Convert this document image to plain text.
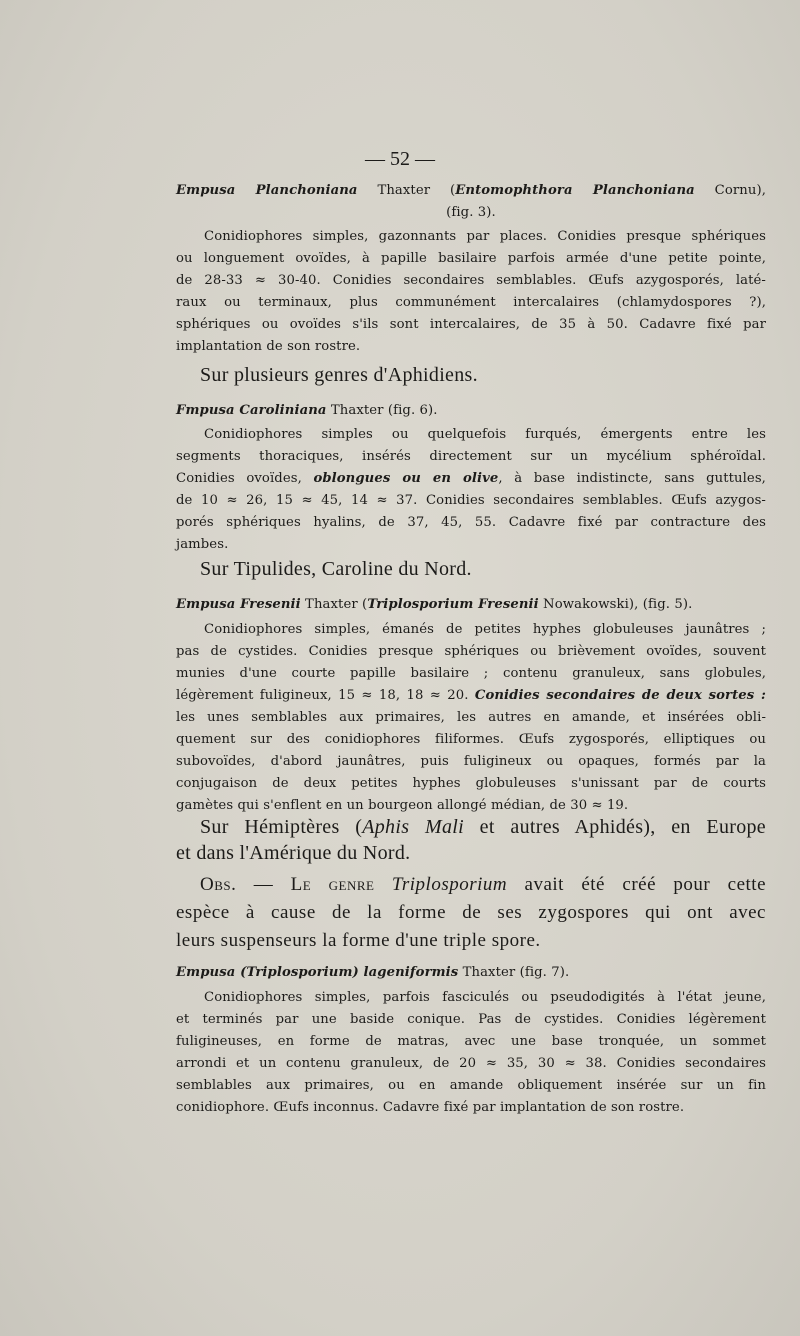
— 52 —
Empusa Planchoniana Thaxter (Entomophthora Planchoniana Cornu),
(fig. 3).
Conidiophores simples, gazonnants par places. Conidies presque sphériques
ou longuement ovoïdes, à papille basilaire parfois armée d'une petite pointe,
de 28-33 ≈ 30-40. Conidies secondaires semblables. Œufs azygosporés, laté-
raux ou terminaux, plus communément intercalaires (chlamydospores ?),
sphériques ou ovoïdes s'ils sont intercalaires, de 35 à 50. Cadavre fixé par
implantation de son rostre.
Sur plusieurs genres d'Aphidiens.
Fmpusa Caroliniana Thaxter (fig. 6).
Conidiophores simples ou quelquefois furqués, émergents entre les
segments thoraciques, insérés directement sur un mycélium sphéroïdal.
Conidies ovoïdes, oblongues ou en olive, à base indistincte, sans guttules,
de 10 ≈ 26, 15 ≈ 45, 14 ≈ 37. Conidies secondaires semblables. Œufs azygos-
porés sphériques hyalins, de 37, 45, 55. Cadavre fixé par contracture des
jambes.
Sur Tipulides, Caroline du Nord.
Empusa Fresenii Thaxter (Triplosporium Fresenii Nowakowski), (fig. 5).
Conidiophores simples, émanés de petites hyphes globuleuses jaunâtres ;
pas de cystides. Conidies presque sphériques ou brièvement ovoïdes, souvent
munies d'une courte papille basilaire ; contenu granuleux, sans globules,
légèrement fuligineux, 15 ≈ 18, 18 ≈ 20. Conidies secondaires de deux sortes :
les unes semblables aux primaires, les autres en amande, et insérées obli-
quement sur des conidiophores filiformes. Œufs zygosporés, elliptiques ou
subovoïdes, d'abord jaunâtres, puis fuligineux ou opaques, formés par la
conjugaison de deux petites hyphes globuleuses s'unissant par de courts
gamètes qui s'enflent en un bourgeon allongé médian, de 30 ≈ 19.
Sur Hémiptères (Aphis Mali et autres Aphidés), en Europe
et dans l'Amérique du Nord.
Obs. — Le genre Triplosporium avait été créé pour cette
espèce à cause de la forme de ses zygospores qui ont avec
leurs suspenseurs la forme d'une triple spore.
Empusa (Triplosporium) lageniformis Thaxter (fig. 7).
Conidiophores simples, parfois fasciculés ou pseudodigités à l'état jeune,
et terminés par une baside conique. Pas de cystides. Conidies légèrement
fuligineuses, en forme de matras, avec une base tronquée, un sommet
arrondi et un contenu granuleux, de 20 ≈ 35, 30 ≈ 38. Conidies secondaires
semblables aux primaires, ou en amande obliquement insérée sur un fin
conidiophore. Œufs inconnus. Cadavre fixé par implantation de son rostre.
